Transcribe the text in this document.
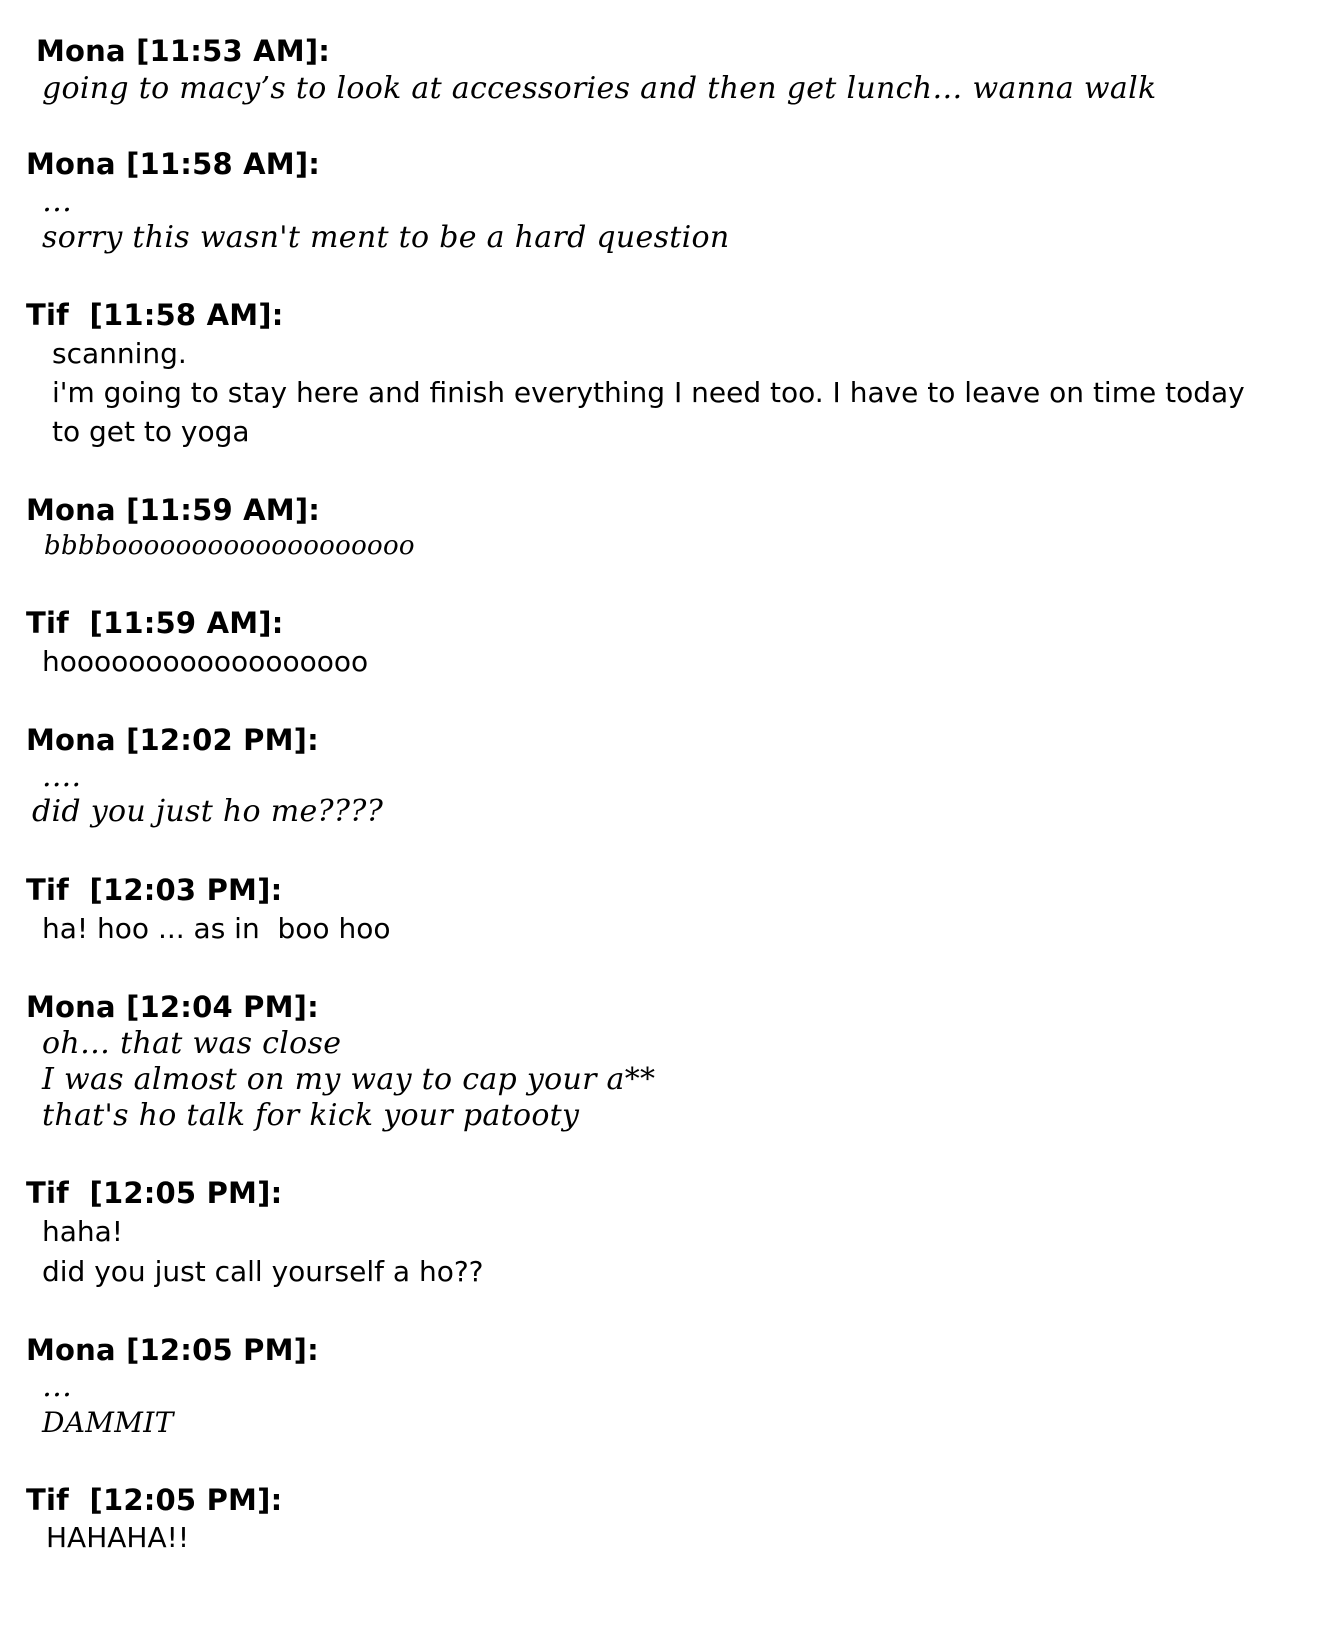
Mona [11:53 AM]:
going to macy’s to look at accessories and then get lunch… wanna walk
Mona [11:58 AM]:
…
sorry this wasn't ment to be a hard question
Tif  [11:58 AM]:
scanning.
i'm going to stay here and finish everything I need too. I have to leave on time today
to get to yoga
Mona [11:59 AM]:
bbbbooooooooooooooooooo
Tif  [11:59 AM]:
hoooooooooooooooooo
Mona [12:02 PM]:
....
did you just ho me????
Tif  [12:03 PM]:
ha! hoo ... as in  boo hoo
Mona [12:04 PM]:
oh… that was close
I was almost on my way to cap your a**
that's ho talk for kick your patooty
Tif  [12:05 PM]:
haha!
did you just call yourself a ho??
Mona [12:05 PM]:
…
DAMMIT
Tif  [12:05 PM]:
HAHAHA!!
